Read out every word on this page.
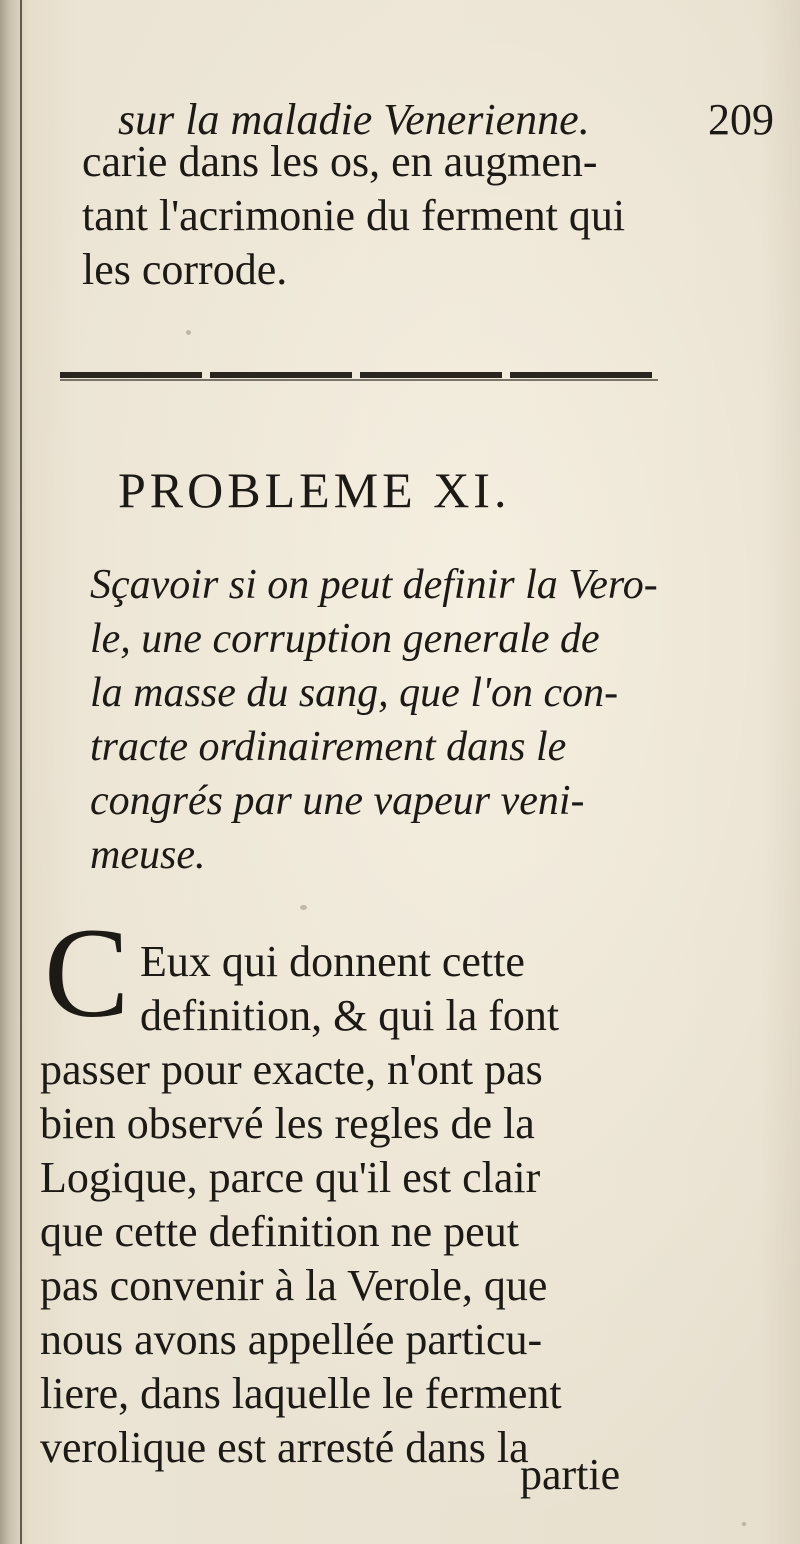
sur la maladie Venerienne.	209
carie dans les os, en augmen-
tant l'acrimonie du ferment qui
les corrode.
PROBLEME XI.
Sçavoir si on peut definir la Vero-
le, une corruption generale de
la masse du sang, que l'on con-
tracte ordinairement dans le
congrés par une vapeur veni-
meuse.
C Eux qui donnent cette
definition, & qui la font
passer pour exacte, n'ont pas
bien observé les regles de la
Logique, parce qu'il est clair
que cette definition ne peut
pas convenir à la Verole, que
nous avons appellée particu-
liere, dans laquelle le ferment
verolique est arresté dans la
partie
